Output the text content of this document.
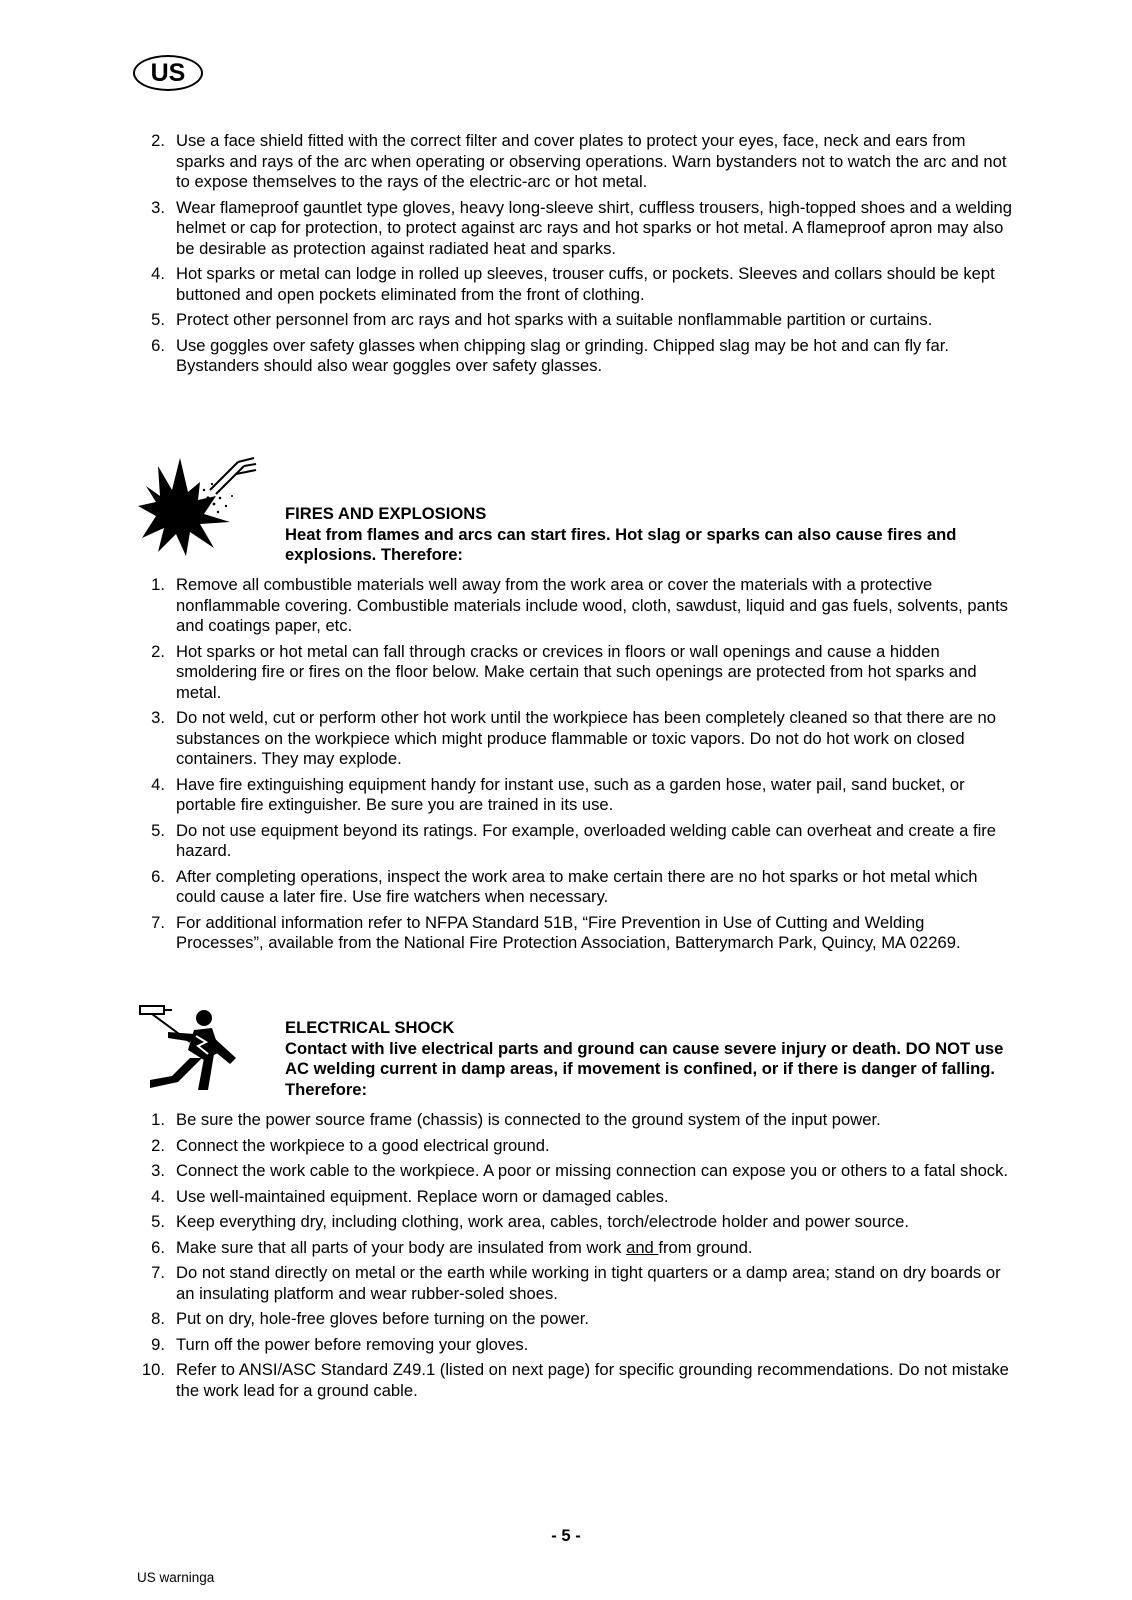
US
2. Use a face shield fitted with the correct filter and cover plates to protect your eyes, face, neck and ears from sparks and rays of the arc when operating or observing operations. Warn bystanders not to watch the arc and not to expose themselves to the rays of the electric-arc or hot metal.
3. Wear flameproof gauntlet type gloves, heavy long-sleeve shirt, cuffless trousers, high-topped shoes and a welding helmet or cap for protection, to protect against arc rays and hot sparks or hot metal. A flameproof apron may also be desirable as protection against radiated heat and sparks.
4. Hot sparks or metal can lodge in rolled up sleeves, trouser cuffs, or pockets. Sleeves and collars should be kept buttoned and open pockets eliminated from the front of clothing.
5. Protect other personnel from arc rays and hot sparks with a suitable nonflammable partition or curtains.
6. Use goggles over safety glasses when chipping slag or grinding. Chipped slag may be hot and can fly far. Bystanders should also wear goggles over safety glasses.
FIRES AND EXPLOSIONS
Heat from flames and arcs can start fires. Hot slag or sparks can also cause fires and explosions. Therefore:
1. Remove all combustible materials well away from the work area or cover the materials with a protective nonflammable covering. Combustible materials include wood, cloth, sawdust, liquid and gas fuels, solvents, pants and coatings paper, etc.
2. Hot sparks or hot metal can fall through cracks or crevices in floors or wall openings and cause a hidden smoldering fire or fires on the floor below. Make certain that such openings are protected from hot sparks and metal.
3. Do not weld, cut or perform other hot work until the workpiece has been completely cleaned so that there are no substances on the workpiece which might produce flammable or toxic vapors. Do not do hot work on closed containers. They may explode.
4. Have fire extinguishing equipment handy for instant use, such as a garden hose, water pail, sand bucket, or portable fire extinguisher. Be sure you are trained in its use.
5. Do not use equipment beyond its ratings. For example, overloaded welding cable can overheat and create a fire hazard.
6. After completing operations, inspect the work area to make certain there are no hot sparks or hot metal which could cause a later fire. Use fire watchers when necessary.
7. For additional information refer to NFPA Standard 51B, “Fire Prevention in Use of Cutting and Welding Processes”, available from the National Fire Protection Association, Batterymarch Park, Quincy, MA 02269.
ELECTRICAL SHOCK
Contact with live electrical parts and ground can cause severe injury or death. DO NOT use AC welding current in damp areas, if movement is confined, or if there is danger of falling. Therefore:
1. Be sure the power source frame (chassis) is connected to the ground system of the input power.
2. Connect the workpiece to a good electrical ground.
3. Connect the work cable to the workpiece. A poor or missing connection can expose you or others to a fatal shock.
4. Use well-maintained equipment. Replace worn or damaged cables.
5. Keep everything dry, including clothing, work area, cables, torch/electrode holder and power source.
6. Make sure that all parts of your body are insulated from work and from ground.
7. Do not stand directly on metal or the earth while working in tight quarters or a damp area; stand on dry boards or an insulating platform and wear rubber-soled shoes.
8. Put on dry, hole-free gloves before turning on the power.
9. Turn off the power before removing your gloves.
10. Refer to ANSI/ASC Standard Z49.1 (listed on next page) for specific grounding recommendations. Do not mistake the work lead for a ground cable.
- 5 -
US warninga
